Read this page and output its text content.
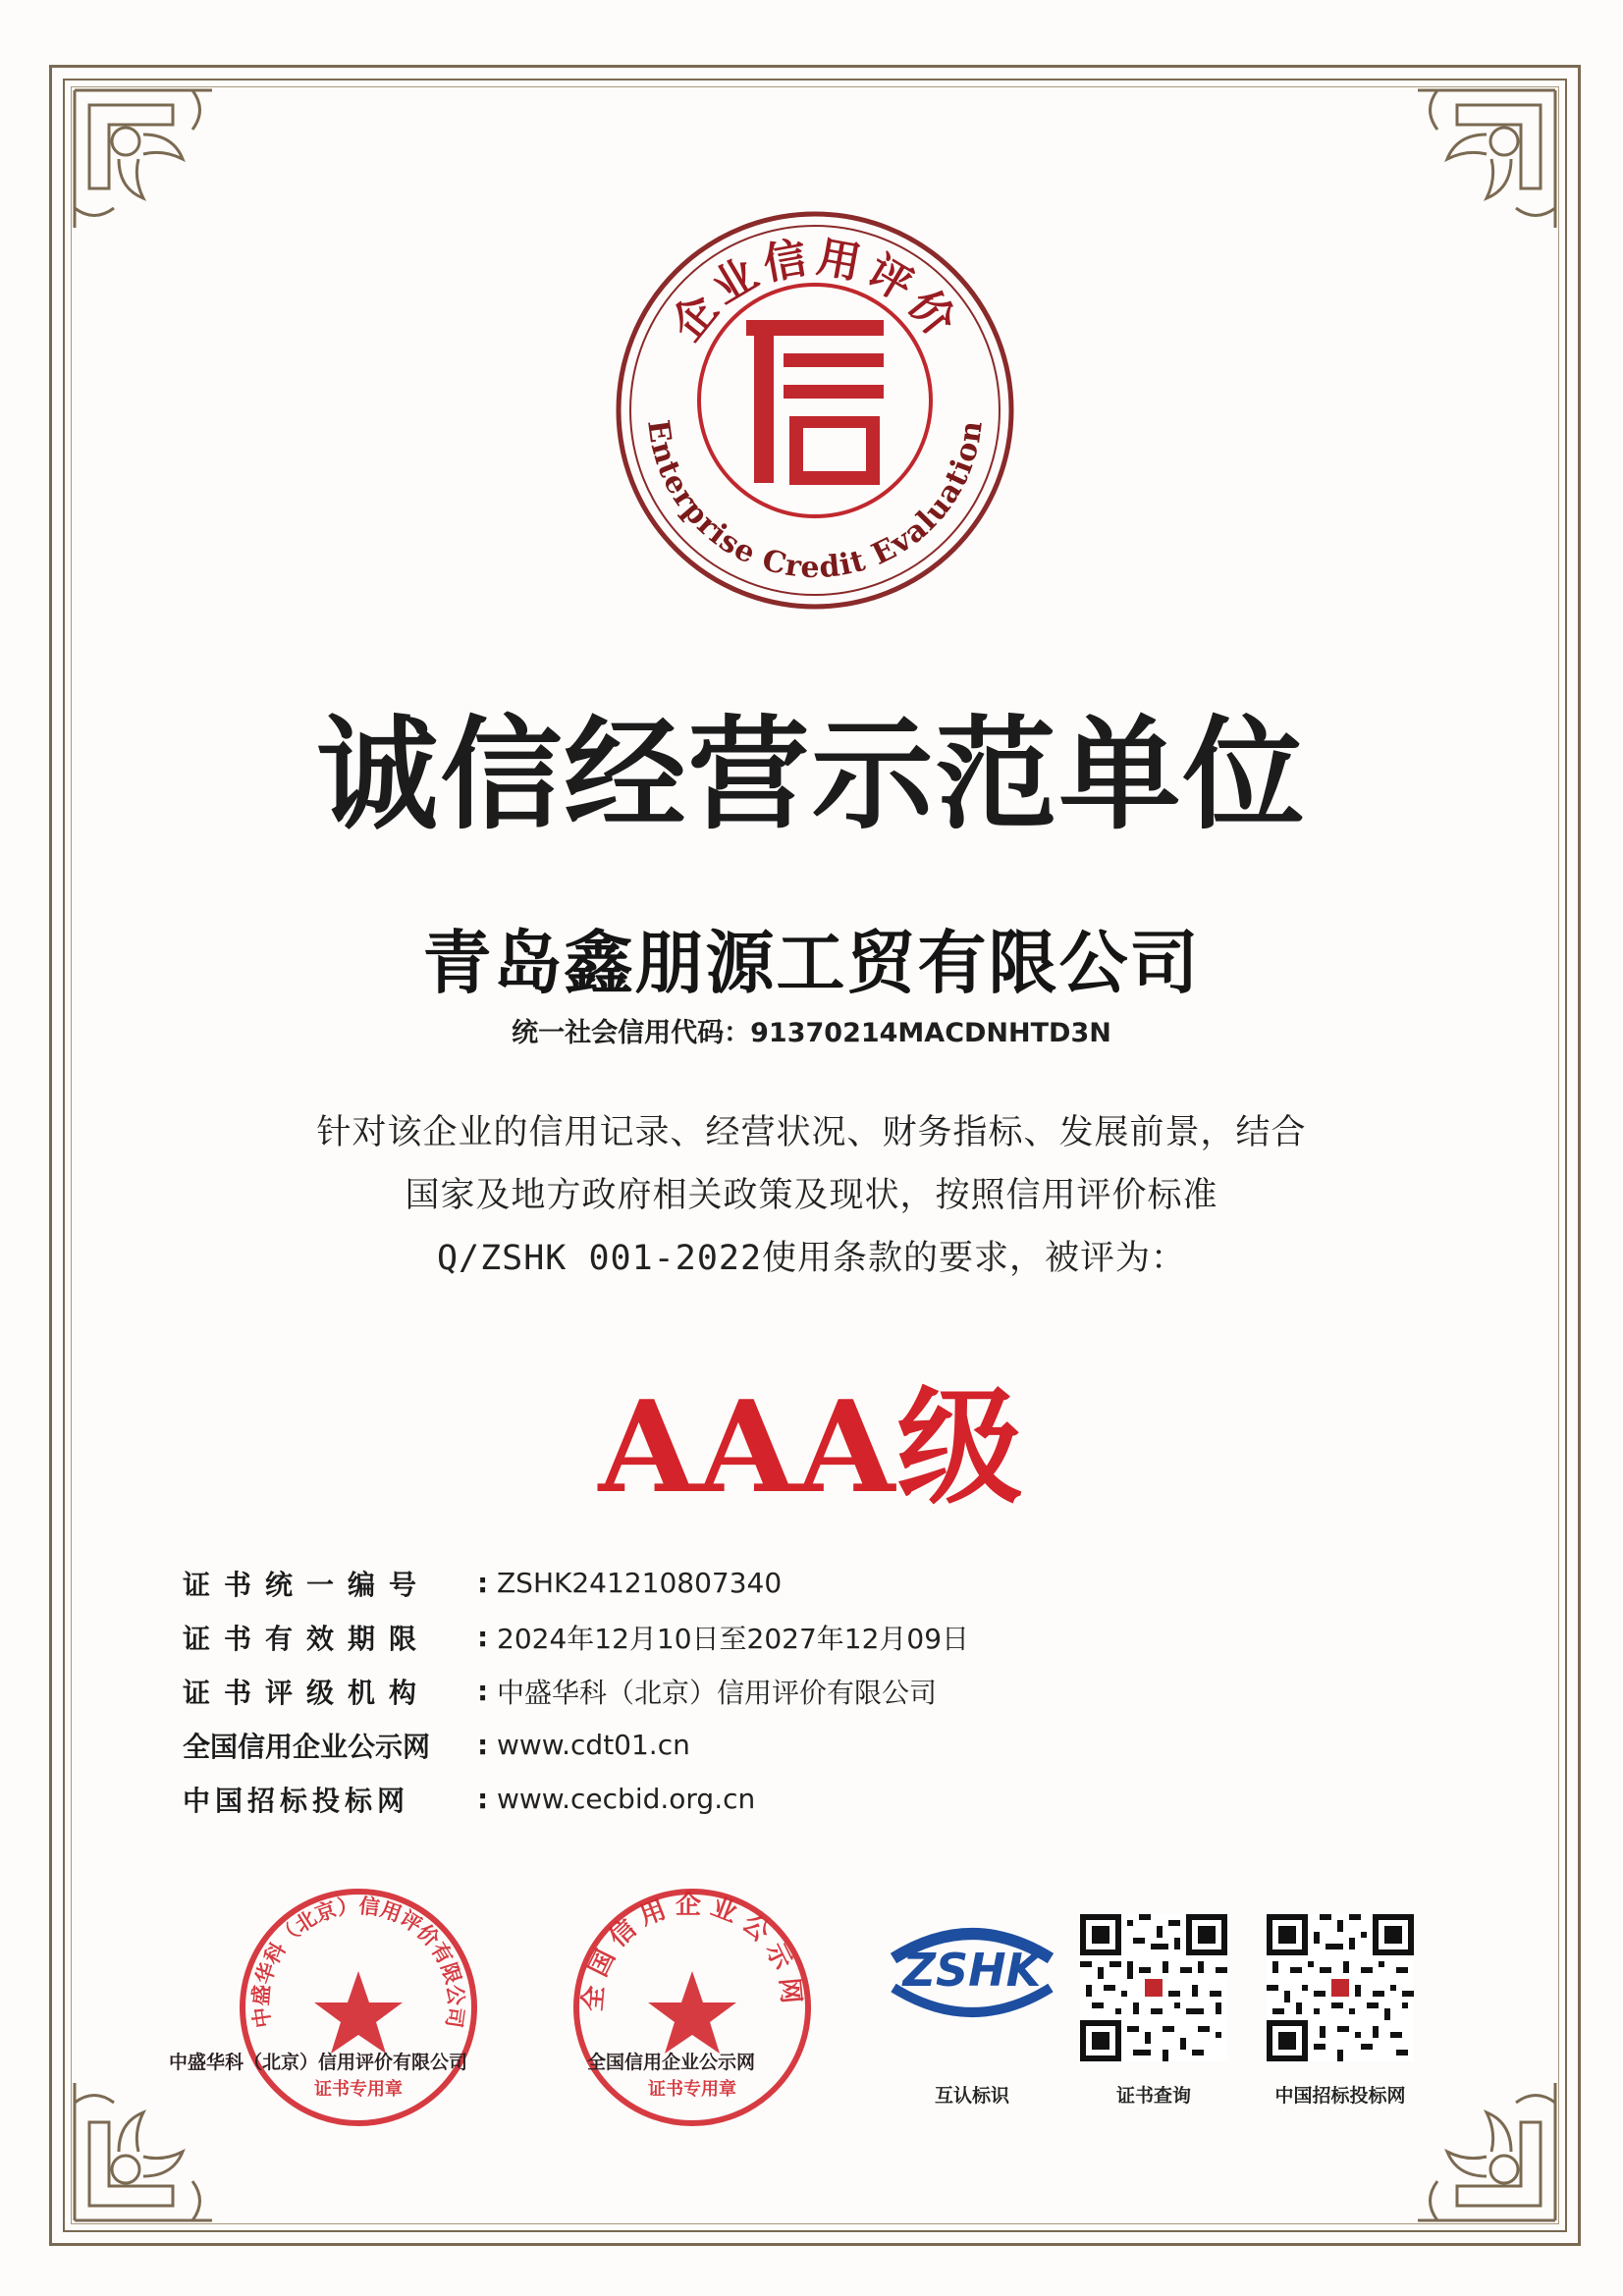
企业信用评价
Enterprise Credit Evaluation
诚信经营示范单位
青岛鑫朋源工贸有限公司
统一社会信用代码：91370214MACDNHTD3N
针对该企业的信用记录、经营状况、财务指标、发展前景，结合
国家及地方政府相关政策及现状，按照信用评价标准
Q/ZSHK 001-2022使用条款的要求，被评为：
AAA级
证书统一编号	: ZSHK241210807340
证书有效期限	: 2024年12月10日至2027年12月09日
证书评级机构	: 中盛华科（北京）信用评价有限公司
全国信用企业公示网	: www.cdt01.cn
中国招标投标网	: www.cecbid.org.cn
中盛华科（北京）信用评价有限公司
证书专用章
全国信用企业公示网
证书专用章
中盛华科（北京）信用评价有限公司	全国信用企业公示网
ZSHK
互认标识	证书查询	中国招标投标网
